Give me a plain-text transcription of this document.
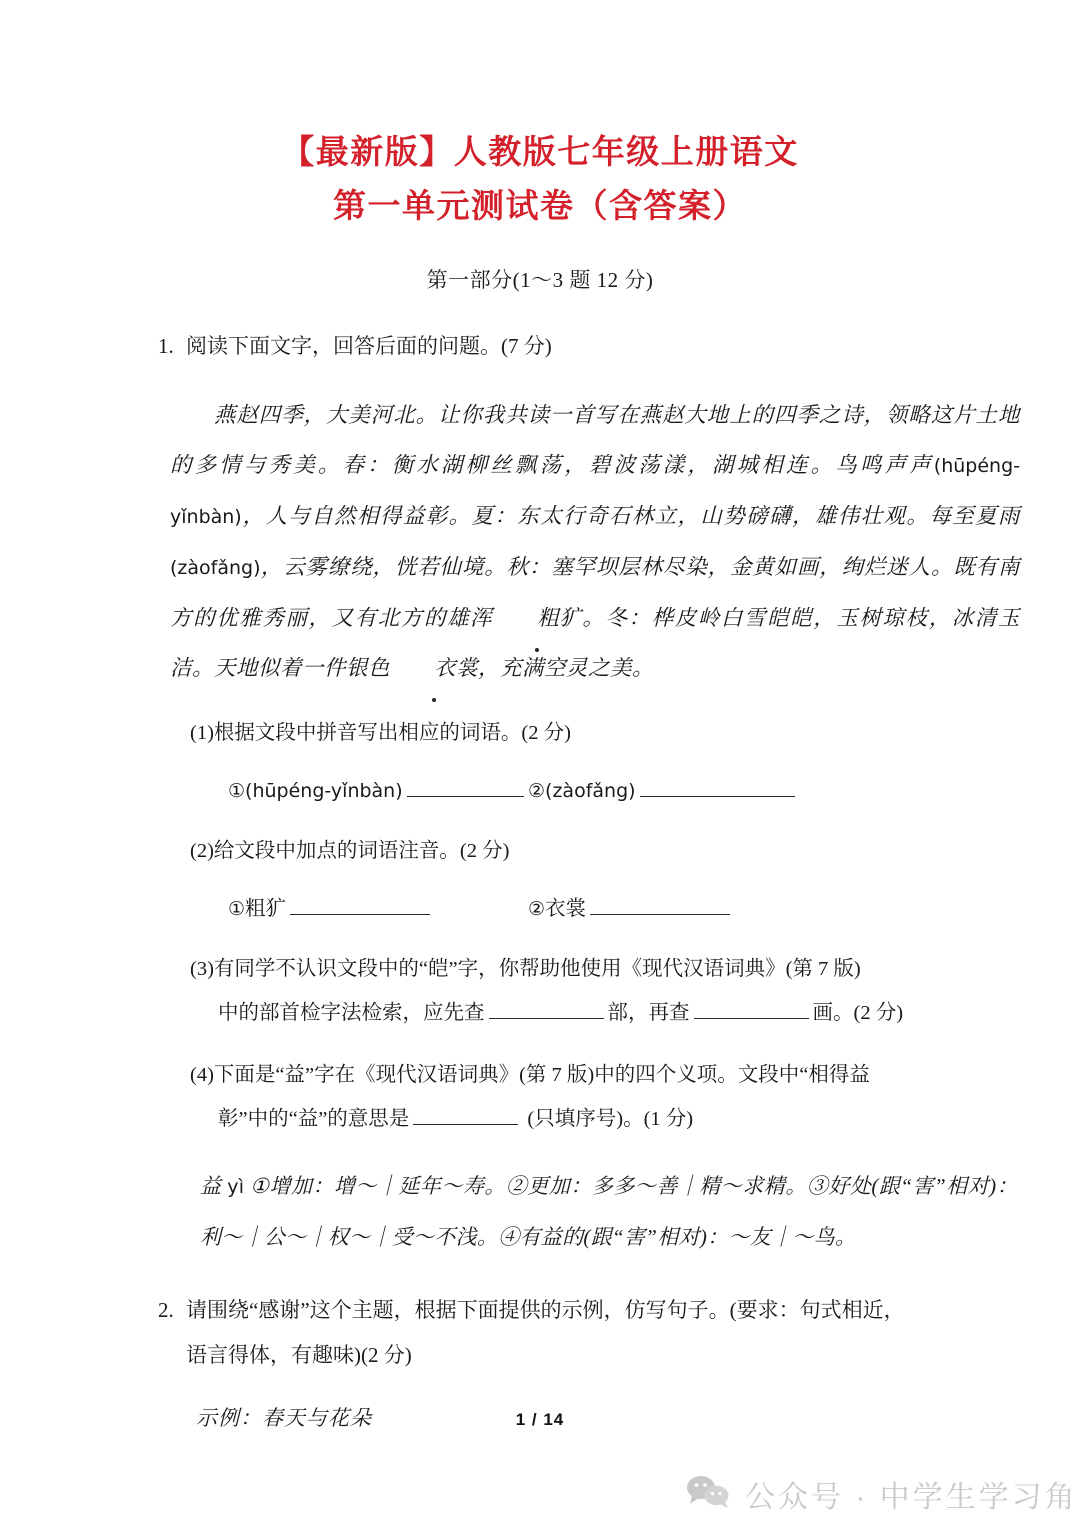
【最新版】人教版七年级上册语文
第一单元测试卷（含答案）
第一部分(1～3 题 12 分)
1. 阅读下面文字，回答后面的问题。(7 分)
燕赵四季，大美河北。让你我共读一首写在燕赵大地上的四季之诗，领略这片土地的多情与秀美。春：衡水湖柳丝飘荡，碧波荡漾，湖城相连。鸟鸣声声(hūpéng-yǐnbàn)，人与自然相得益彰。夏：东太行奇石林立，山势磅礴，雄伟壮观。每至夏雨(zàofǎng)，云雾缭绕，恍若仙境。秋：塞罕坝层林尽染，金黄如画，绚烂迷人。既有南方的优雅秀丽，又有北方的雄浑 粗犷。冬：桦皮岭白雪皑皑，玉树琼枝，冰清玉洁。天地似着一件银色 衣裳，充满空灵之美。
(1)根据文段中拼音写出相应的词语。(2 分)
① (hūpéng-yǐnbàn)	② (zàofǎng)
(2)给文段中加点的词语注音。(2 分)
① 粗犷	② 衣裳
(3)有同学不认识文段中的“皑”字，你帮助他使用《现代汉语词典》(第 7 版)
中的部首检字法检索，应先查	部，再查	画。(2 分)
(4)下面是“益”字在《现代汉语词典》(第 7 版)中的四个义项。文段中“相得益
彰”中的“益”的意思是	(只填序号)。(1 分)
益 yì ①增加：增～｜延年～寿。②更加：多多～善｜精～求精。③好处(跟“害”相对)：利～｜公～｜权～｜受～不浅。④有益的(跟“害”相对)：～友｜～鸟。
2. 请围绕“感谢”这个主题，根据下面提供的示例，仿写句子。(要求：句式相近，
语言得体，有趣味)(2 分)
示例：春天与花朵	1 / 14
公众号 · 中学生学习角
